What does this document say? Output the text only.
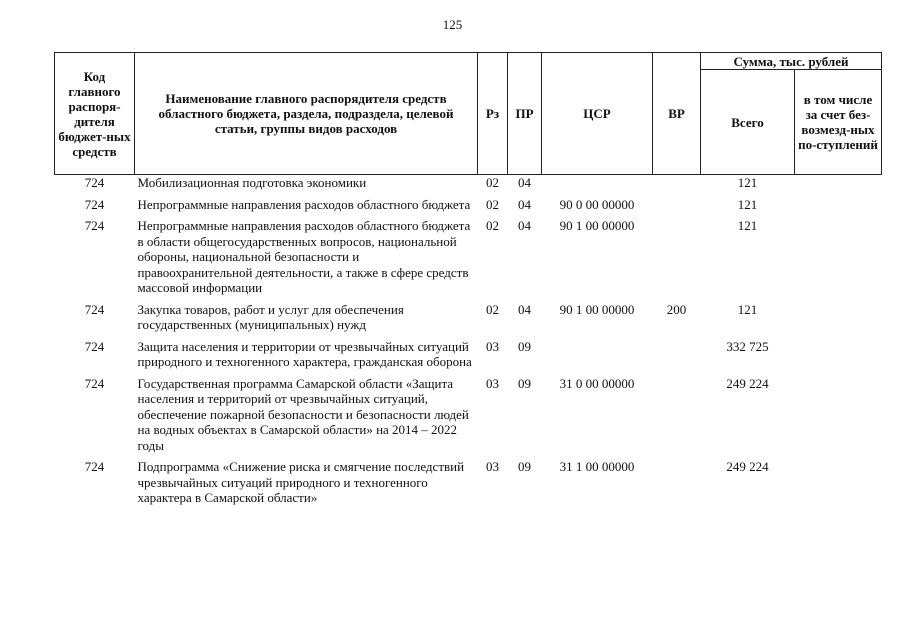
125
Код главного распоря-дителя бюджет-ных средств	Наименование главного распорядителя средств областного бюджета, раздела, подраздела, целевой статьи, группы видов расходов	Рз	ПР	ЦСР	ВР	Сумма, тыс. рублей	
						Всего	в том числе за счет без-возмезд-ных по-ступлений
724	Мобилизационная подготовка экономики	02	04			121	
724	Непрограммные направления расходов областного бюджета	02	04	90 0 00 00000		121	
724	Непрограммные направления расходов областного бюджета в области общегосударственных вопросов, национальной обороны, национальной безопасности и правоохранительной деятельности, а также в сфере средств массовой информации	02	04	90 1 00 00000		121	
724	Закупка товаров, работ и услуг для обеспечения государственных (муниципальных) нужд	02	04	90 1 00 00000	200	121	
724	Защита населения и территории от чрезвычайных ситуаций природного и техногенного характера, гражданская оборона	03	09			332 725	
724	Государственная программа Самарской области «Защита населения и территорий от чрезвычайных ситуаций, обеспечение пожарной безопасности и безопасности людей на водных объектах в Самарской области» на 2014 – 2022 годы	03	09	31 0 00 00000		249 224	
724	Подпрограмма «Снижение риска и смягчение последствий чрезвычайных ситуаций природного и техногенного характера в Самарской области»	03	09	31 1 00 00000		249 224	
